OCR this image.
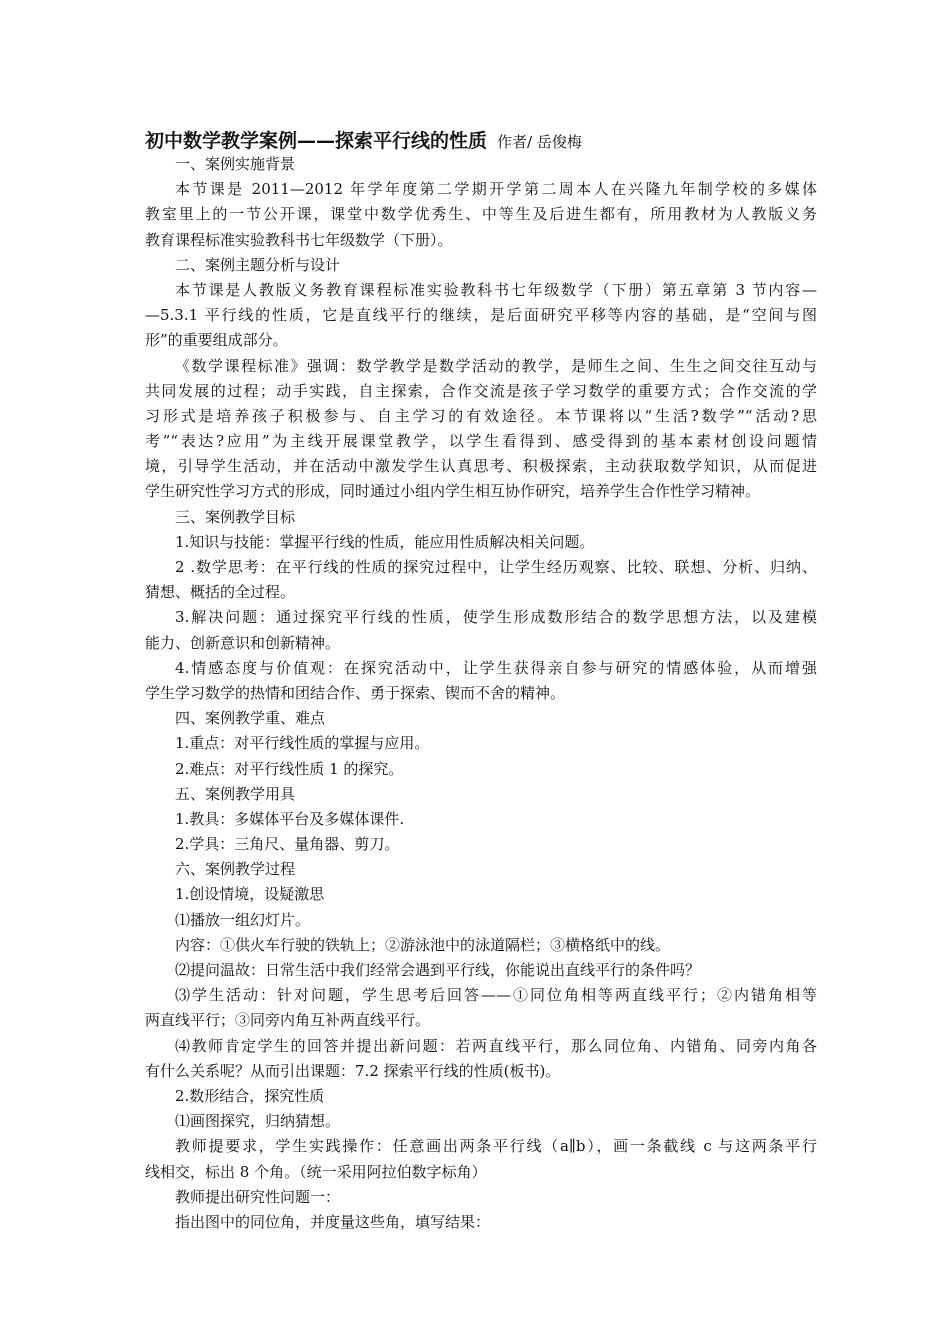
初中数学教学案例——探索平行线的性质 作者/ 岳俊梅
一、案例实施背景
本节课是 2011—2012 年学年度第二学期开学第二周本人在兴隆九年制学校的多媒体
教室里上的一节公开课，课堂中数学优秀生、中等生及后进生都有，所用教材为人教版义务
教育课程标准实验教科书七年级数学（下册）。
二、案例主题分析与设计
本节课是人教版义务教育课程标准实验教科书七年级数学（下册）第五章第 3 节内容—
—5.3.1 平行线的性质，它是直线平行的继续，是后面研究平移等内容的基础，是“空间与图
形”的重要组成部分。
《数学课程标准》强调：数学教学是数学活动的教学，是师生之间、生生之间交往互动与
共同发展的过程；动手实践，自主探索，合作交流是孩子学习数学的重要方式；合作交流的学
习形式是培养孩子积极参与、自主学习的有效途径。本节课将以“生活?数学”“活动?思
考”“表达?应用”为主线开展课堂教学，以学生看得到、感受得到的基本素材创设问题情
境，引导学生活动，并在活动中激发学生认真思考、积极探索，主动获取数学知识，从而促进
学生研究性学习方式的形成，同时通过小组内学生相互协作研究，培养学生合作性学习精神。
三、案例教学目标
1.知识与技能：掌握平行线的性质，能应用性质解决相关问题。
2 .数学思考：在平行线的性质的探究过程中，让学生经历观察、比较、联想、分析、归纳、
猜想、概括的全过程。
3.解决问题：通过探究平行线的性质，使学生形成数形结合的数学思想方法，以及建模
能力、创新意识和创新精神。
4.情感态度与价值观：在探究活动中，让学生获得亲自参与研究的情感体验，从而增强
学生学习数学的热情和团结合作、勇于探索、锲而不舍的精神。
四、案例教学重、难点
1.重点：对平行线性质的掌握与应用。
2.难点：对平行线性质 1 的探究。
五、案例教学用具
1.教具：多媒体平台及多媒体课件.
2.学具：三角尺、量角器、剪刀。
六、案例教学过程
1.创设情境，设疑激思
⑴播放一组幻灯片。
内容：①供火车行驶的铁轨上；②游泳池中的泳道隔栏；③横格纸中的线。
⑵提问温故：日常生活中我们经常会遇到平行线，你能说出直线平行的条件吗？
⑶学生活动：针对问题，学生思考后回答——①同位角相等两直线平行；②内错角相等
两直线平行；③同旁内角互补两直线平行。
⑷教师肯定学生的回答并提出新问题：若两直线平行，那么同位角、内错角、同旁内角各
有什么关系呢？从而引出课题：7.2 探索平行线的性质(板书)。
2.数形结合，探究性质
⑴画图探究，归纳猜想。
教师提要求，学生实践操作：任意画出两条平行线（a∥b），画一条截线 c 与这两条平行
线相交，标出 8 个角。（统一采用阿拉伯数字标角）
教师提出研究性问题一：
指出图中的同位角，并度量这些角，填写结果：
